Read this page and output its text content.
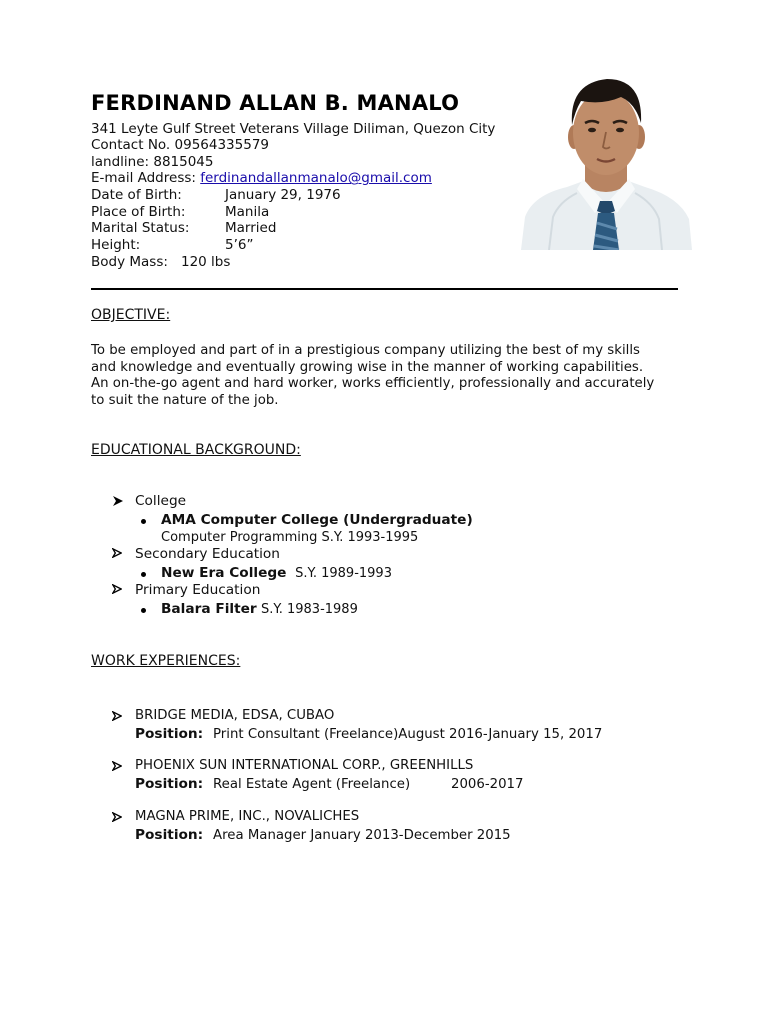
FERDINAND ALLAN B. MANALO
341 Leyte Gulf Street Veterans Village Diliman, Quezon City
Contact No. 09564335579
landline: 8815045
E-mail Address: ferdinandallanmanalo@gmail.com
Date of Birth:	January 29, 1976
Place of Birth:	Manila
Marital Status:	Married
Height:	5’6”
Body Mass: 120 lbs
OBJECTIVE:
To be employed and part of in a prestigious company utilizing the best of my skills
and knowledge and eventually growing wise in the manner of working capabilities.
An on-the-go agent and hard worker, works efficiently, professionally and accurately
to suit the nature of the job.
EDUCATIONAL BACKGROUND:
College
AMA Computer College (Undergraduate)
Computer Programming S.Y. 1993-1995
Secondary Education
New Era College S.Y. 1989-1993
Primary Education
Balara Filter S.Y. 1983-1989
WORK EXPERIENCES:
BRIDGE MEDIA, EDSA, CUBAO
Position: Print Consultant (Freelance)August 2016-January 15, 2017
PHOENIX SUN INTERNATIONAL CORP., GREENHILLS
Position: Real Estate Agent (Freelance)	2006-2017
MAGNA PRIME, INC., NOVALICHES
Position: Area Manager January 2013-December 2015
